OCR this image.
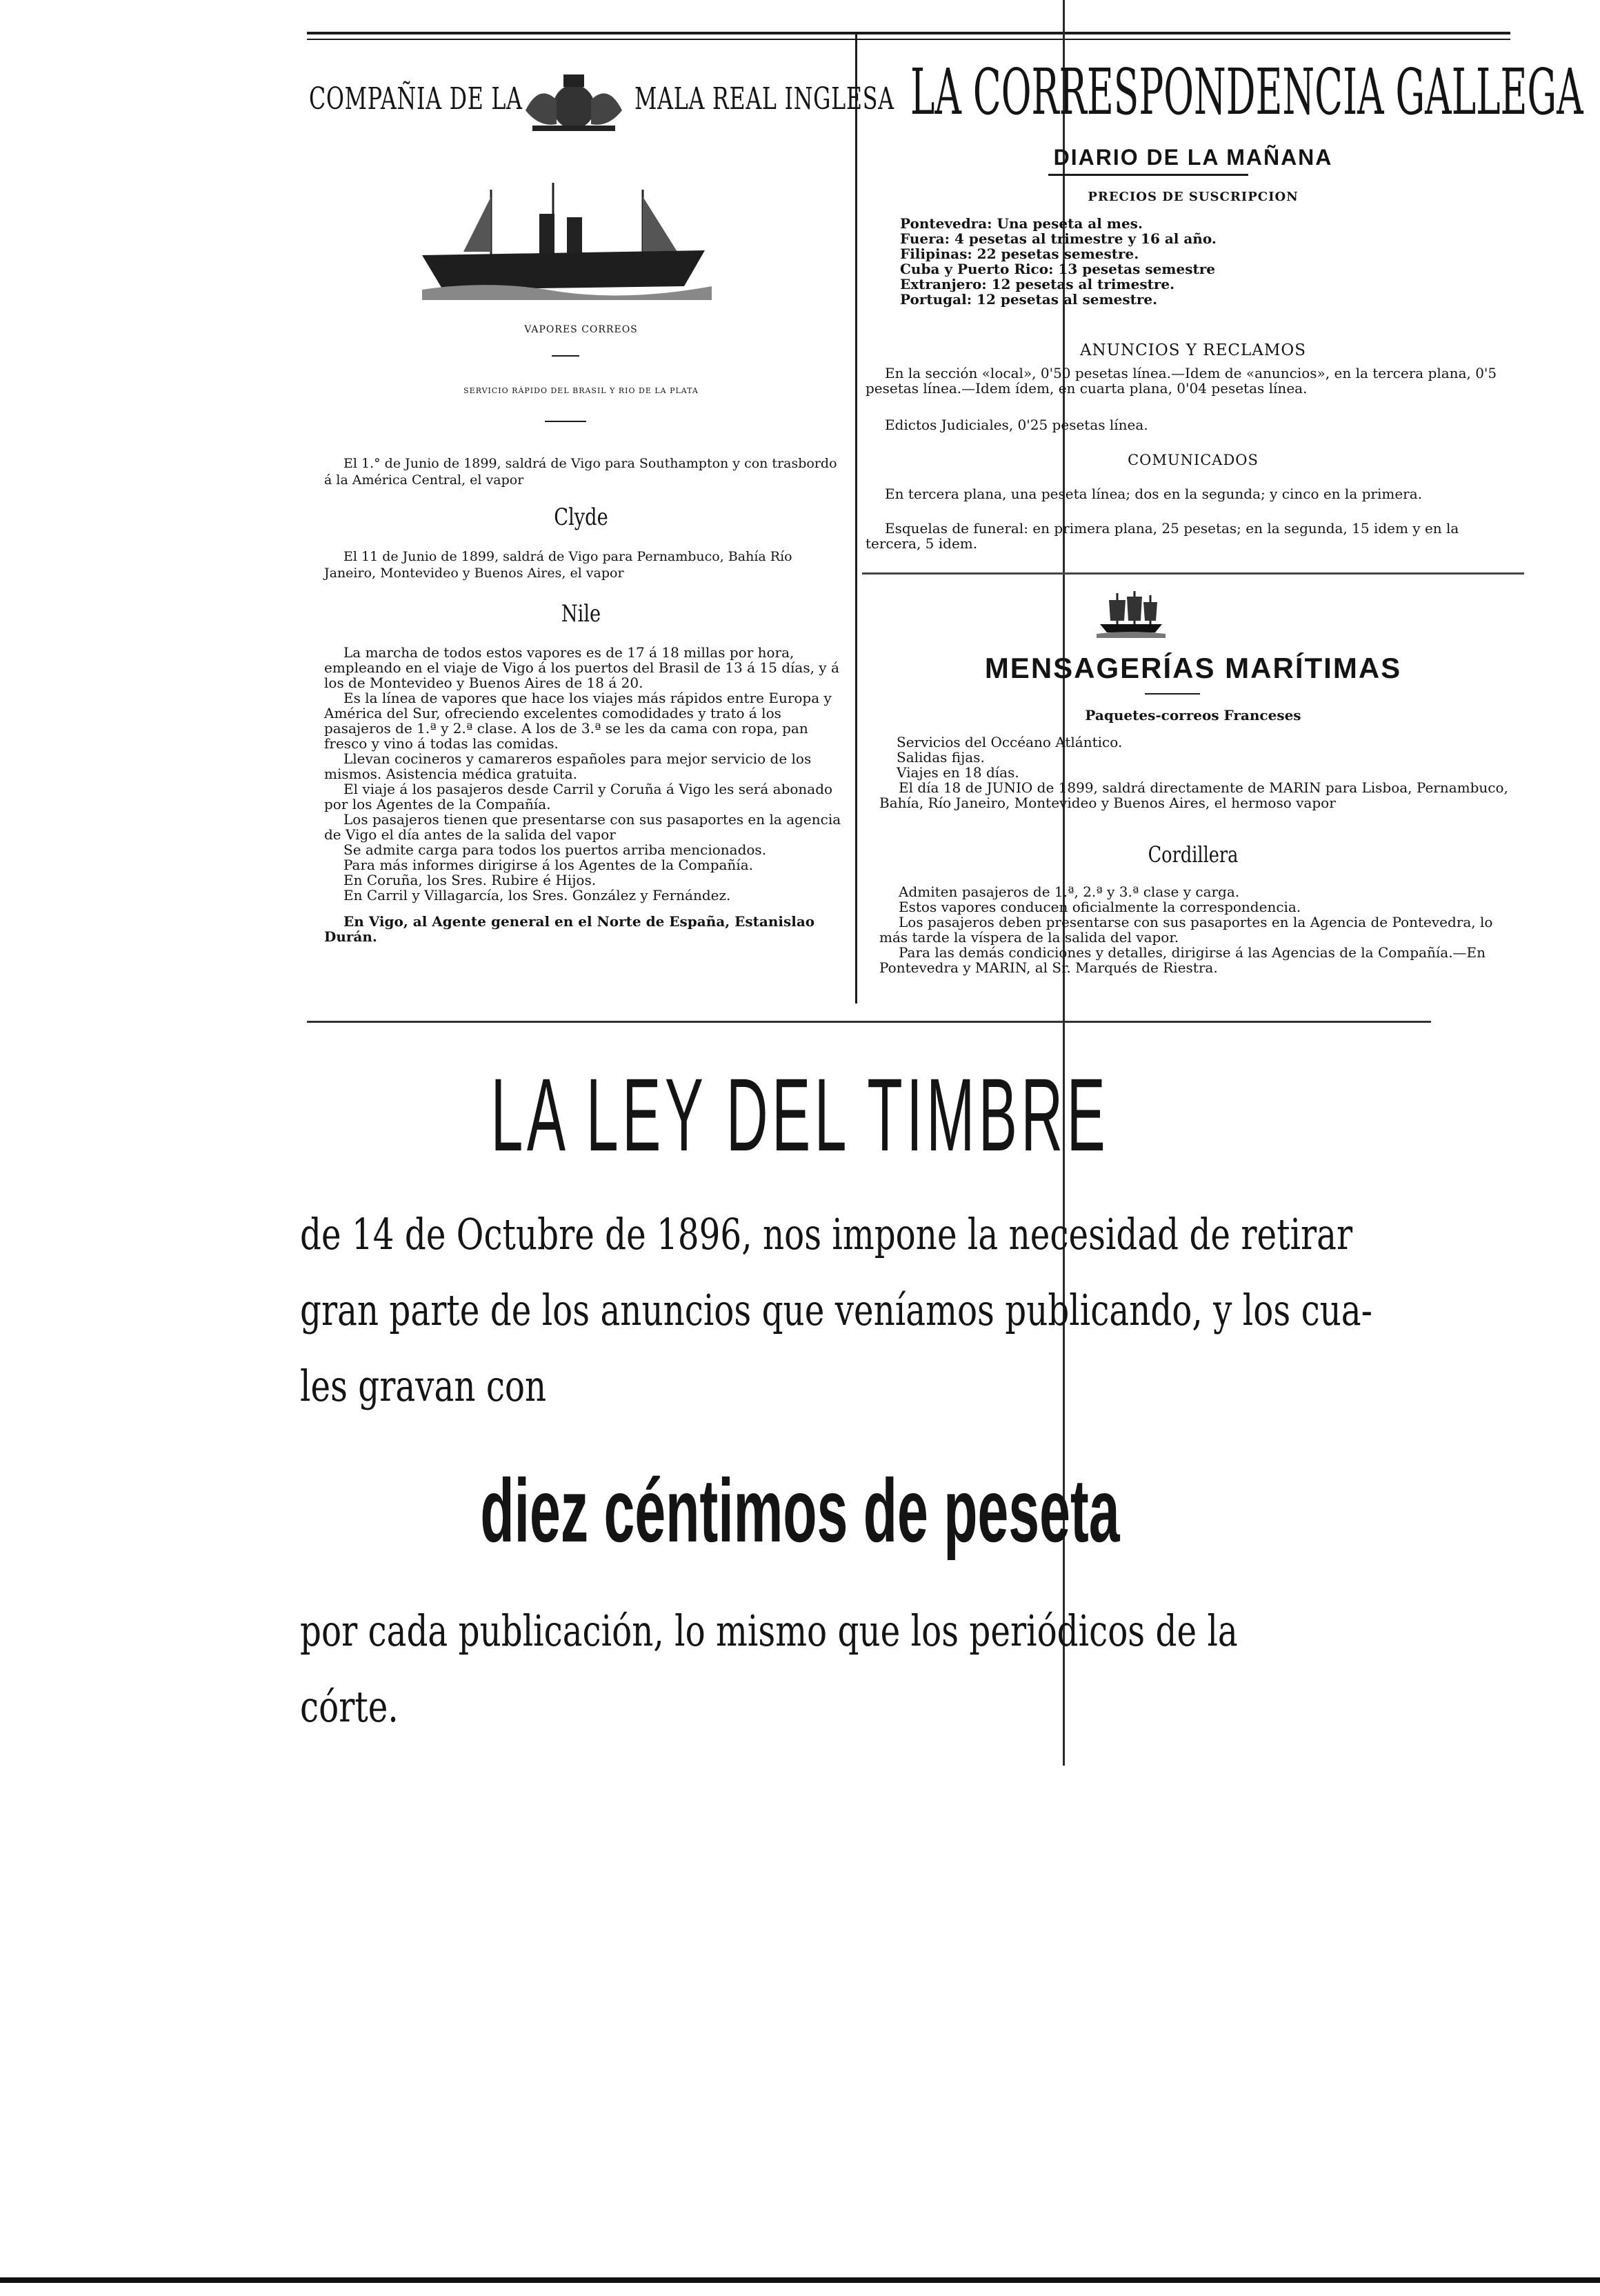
COMPAÑIA DE LA	MALA REAL INGLESA
VAPORES CORREOS
SERVICIO RÁPIDO DEL BRASIL Y RIO DE LA PLATA

El 1.° de Junio de 1899, saldrá de Vigo para Southampton y con trasbordo á la América Central, el vapor

Clyde

El 11 de Junio de 1899, saldrá de Vigo para Pernambuco, Bahía Río Janeiro, Montevideo y Buenos Aires, el vapor

Nile

La marcha de todos estos vapores es de 17 á 18 millas por hora, empleando en el viaje de Vigo á los puertos del Brasil de 13 á 15 días, y á los de Montevideo y Buenos Aires de 18 á 20.

Es la línea de vapores que hace los viajes más rápidos entre Europa y América del Sur, ofreciendo excelentes comodidades y trato á los pasajeros de 1.ª y 2.ª clase. A los de 3.ª se les da cama con ropa, pan fresco y vino á todas las comidas.

Llevan cocineros y camareros españoles para mejor servicio de los mismos. Asistencia médica gratuita.

El viaje á los pasajeros desde Carril y Coruña á Vigo les será abonado por los Agentes de la Compañía.

Los pasajeros tienen que presentarse con sus pasaportes en la agencia de Vigo el día antes de la salida del vapor

Se admite carga para todos los puertos arriba mencionados.

Para más informes dirigirse á los Agentes de la Compañía.

En Coruña, los Sres. Rubire é Hijos.

En Carril y Villagarcía, los Sres. González y Fernández.

En Vigo, al Agente general en el Norte de España, Estanislao Durán.

LA CORRESPONDENCIA GALLEGA
DIARIO DE LA MAÑANA
PRECIOS DE SUSCRIPCION

Pontevedra: Una peseta al mes.

Fuera: 4 pesetas al trimestre y 16 al año.

Filipinas: 22 pesetas semestre.

Cuba y Puerto Rico: 13 pesetas semestre

Extranjero: 12 pesetas al trimestre.

Portugal: 12 pesetas al semestre.

ANUNCIOS Y RECLAMOS

En la sección «local», 0'50 pesetas línea.—Idem de «anuncios», en la tercera plana, 0'5 pesetas línea.—Idem ídem, en cuarta plana, 0'04 pesetas línea.

Edictos Judiciales, 0'25 pesetas línea.

COMUNICADOS

En tercera plana, una peseta línea; dos en la segunda; y cinco en la primera.

Esquelas de funeral: en primera plana, 25 pesetas; en la segunda, 15 idem y en la tercera, 5 idem.

MENSAGERÍAS MARÍTIMAS
Paquetes-correos Franceses

Servicios del Occéano Atlántico.

Salidas fijas.

Viajes en 18 días.

El día 18 de JUNIO de 1899, saldrá directamente de MARIN para Lisboa, Pernambuco, Bahía, Río Janeiro, Montevideo y Buenos Aires, el hermoso vapor

Cordillera

Admiten pasajeros de 1.ª, 2.ª y 3.ª clase y carga.

Estos vapores conducen oficialmente la correspondencia.

Los pasajeros deben presentarse con sus pasaportes en la Agencia de Pontevedra, lo más tarde la víspera de la salida del vapor.

Para las demás condiciones y detalles, dirigirse á las Agencias de la Compañía.—En Pontevedra y MARIN, al Sr. Marqués de Riestra.

LA LEY DEL TIMBRE
de 14 de Octubre de 1896, nos impone la necesidad de retirar
gran parte de los anuncios que veníamos publicando, y los cua-
les gravan con
diez céntimos de peseta
por cada publicación, lo mismo que los periódicos de la
córte.
